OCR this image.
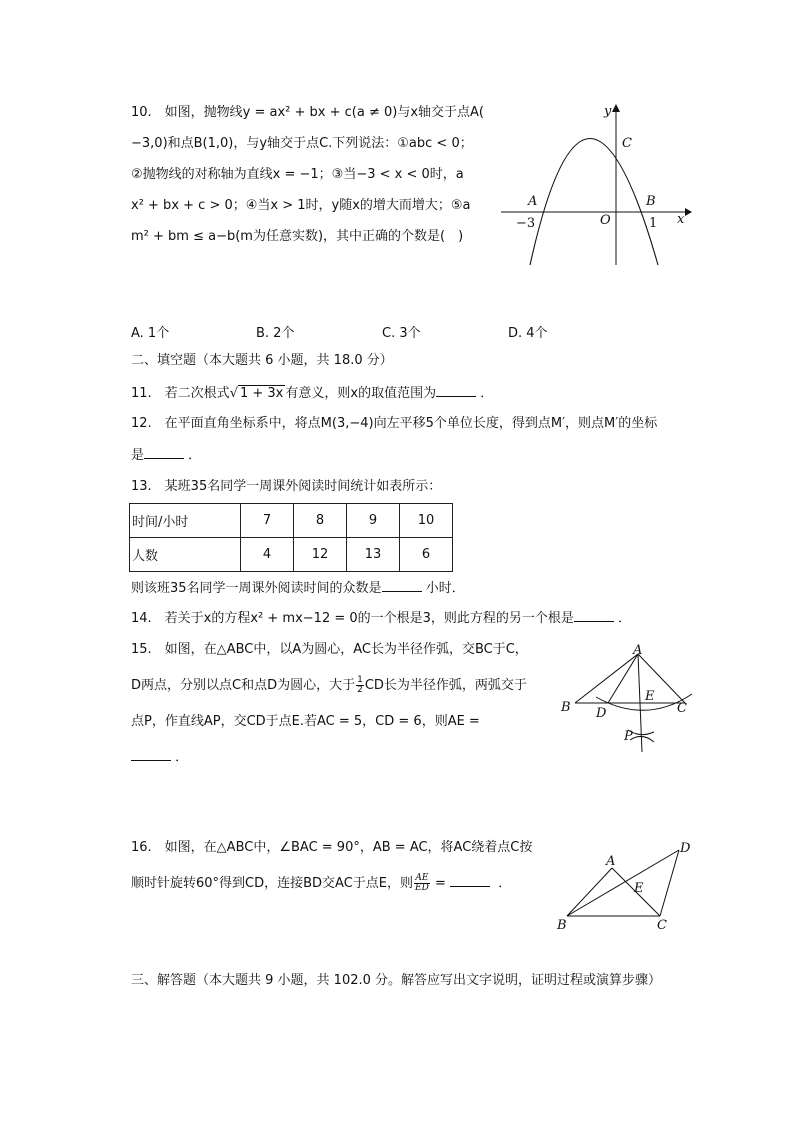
10.　如图，抛物线y = ax² + bx + c(a ≠ 0)与x轴交于点A(
−3,0)和点B(1,0)，与y轴交于点C.下列说法：①abc < 0；
②抛物线的对称轴为直线x = −1；③当−3 < x < 0时，a
x² + bx + c > 0；④当x > 1时，y随x的增大而增大；⑤a
m² + bm ≤ a−b(m为任意实数)，其中正确的个数是(　)
y
C
A	B
O	x
−3	1
A. 1个	B. 2个	C. 3个	D. 4个
二、填空题（本大题共 6 小题，共 18.0 分）
11.　若二次根式√ 1 + 3x 有意义，则x的取值范围为	．
12.　在平面直角坐标系中，将点M(3,−4)向左平移5个单位长度，得到点M′，则点M′的坐标
是	．
13.　某班35名同学一周课外阅读时间统计如表所示：
时间/小时	7	8	9	10
人数	4	12	13	6
则该班35名同学一周课外阅读时间的众数是	小时．
14.　若关于x的方程x² + mx−12 = 0的一个根是3，则此方程的另一个根是	．
15.　如图，在△ABC中，以A为圆心，AC长为半径作弧，交BC于C，
D两点，分别以点C和点D为圆心，大于 $\frac{1}{2}$ CD长为半径作弧，两弧交于
点P，作直线AP，交CD于点E.若AC = 5，CD = 6，则AE =
．
A
B D
E
C
P
16.　如图，在△ABC中，∠BAC = 90°，AB = AC，将AC绕着点C按
顺时针旋转60°得到CD，连接BD交AC于点E，则 $\frac{AE}{ED}$ =	．
A
D
E
B	C
三、解答题（本大题共 9 小题，共 102.0 分。解答应写出文字说明，证明过程或演算步骤）
